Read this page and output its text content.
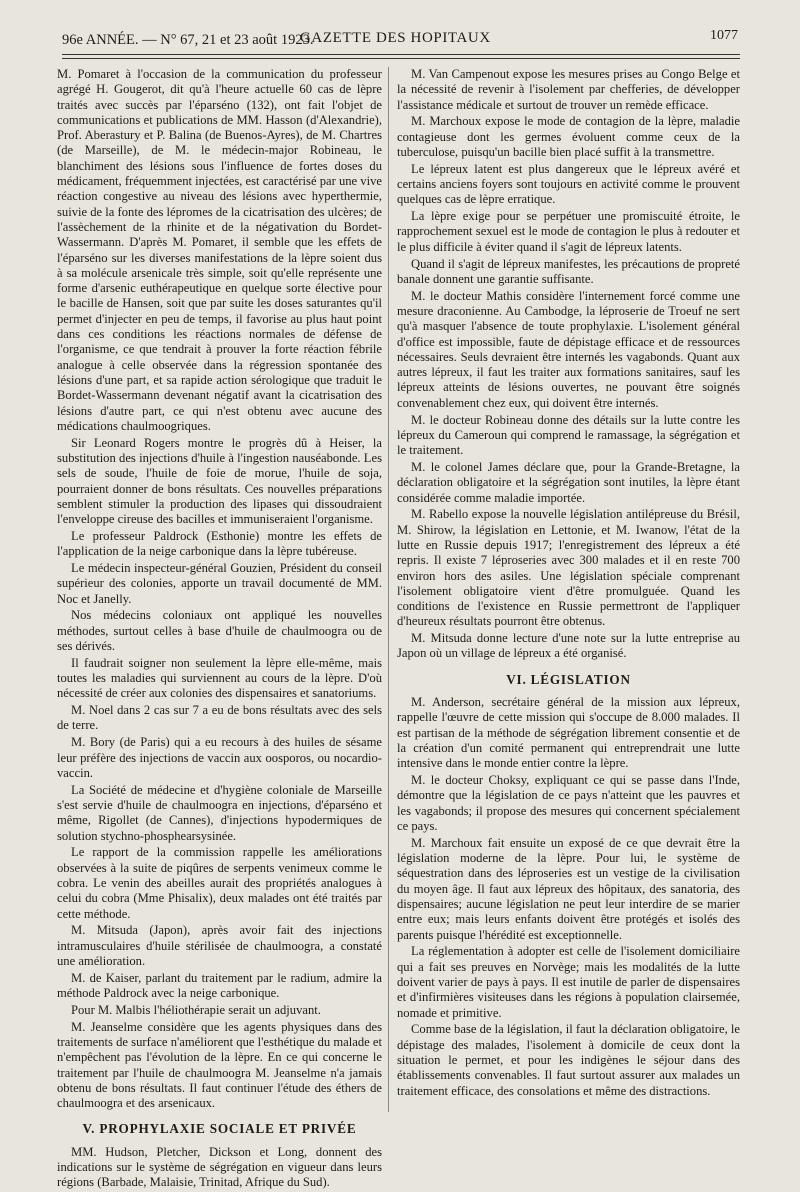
96e ANNÉE. — N° 67, 21 et 23 août 1923.
GAZETTE DES HOPITAUX	1077

M. Pomaret à l'occasion de la communication du professeur agrégé H. Gougerot, dit qu'à l'heure actuelle 60 cas de lèpre traités avec succès par l'éparséno (132), ont fait l'objet de communications et publications de MM. Hasson (d'Alexandrie), Prof. Aberastury et P. Balina (de Buenos-Ayres), de M. Chartres (de Marseille), de M. le médecin-major Robineau, le blanchiment des lésions sous l'influence de fortes doses du médicament, fréquemment injectées, est caractérisé par une vive réaction congestive au niveau des lésions avec hyperthermie, suivie de la fonte des lépromes de la cicatrisation des ulcères; de l'assèchement de la rhinite et de la négativation du Bordet-Wassermann. D'après M. Pomaret, il semble que les effets de l'éparséno sur les diverses manifestations de la lèpre soient dus à sa molécule arsenicale très simple, soit qu'elle représente une forme d'arsenic euthérapeutique en quelque sorte élective pour le bacille de Hansen, soit que par suite les doses saturantes qu'il permet d'injecter en peu de temps, il favorise au plus haut point dans ces conditions les réactions normales de défense de l'organisme, ce que tendrait à prouver la forte réaction fébrile analogue à celle observée dans la régression spontanée des lésions d'une part, et sa rapide action sérologique que traduit le Bordet-Wassermann devenant négatif avant la cicatrisation des lésions d'autre part, ce qui n'est obtenu avec aucune des médications chaulmoogriques.

Sir Leonard Rogers montre le progrès dû à Heiser, la substitution des injections d'huile à l'ingestion nauséabonde. Les sels de soude, l'huile de foie de morue, l'huile de soja, pourraient donner de bons résultats. Ces nouvelles préparations semblent stimuler la production des lipases qui dissoudraient l'enveloppe cireuse des bacilles et immuniseraient l'organisme.

Le professeur Paldrock (Esthonie) montre les effets de l'application de la neige carbonique dans la lèpre tubéreuse.

Le médecin inspecteur-général Gouzien, Président du conseil supérieur des colonies, apporte un travail documenté de MM. Noc et Janelly.

Nos médecins coloniaux ont appliqué les nouvelles méthodes, surtout celles à base d'huile de chaulmoogra ou de ses dérivés.

Il faudrait soigner non seulement la lèpre elle-même, mais toutes les maladies qui surviennent au cours de la lèpre. D'où nécessité de créer aux colonies des dispensaires et sanatoriums.

M. Noel dans 2 cas sur 7 a eu de bons résultats avec des sels de terre.

M. Bory (de Paris) qui a eu recours à des huiles de sésame leur préfère des injections de vaccin aux oosporos, ou nocardio-vaccin.

La Société de médecine et d'hygiène coloniale de Marseille s'est servie d'huile de chaulmoogra en injections, d'éparséno et même, Rigollet (de Cannes), d'injections hypodermiques de solution stychno-phosphearsysinée.

Le rapport de la commission rappelle les améliorations observées à la suite de piqûres de serpents venimeux comme le cobra. Le venin des abeilles aurait des propriétés analogues à celui du cobra (Mme Phisalix), deux malades ont été traités par cette méthode.

M. Mitsuda (Japon), après avoir fait des injections intramusculaires d'huile stérilisée de chaulmoogra, a constaté une amélioration.

M. de Kaiser, parlant du traitement par le radium, admire la méthode Paldrock avec la neige carbonique.

Pour M. Malbis l'héliothérapie serait un adjuvant.

M. Jeanselme considère que les agents physiques dans des traitements de surface n'améliorent que l'esthétique du malade et n'empêchent pas l'évolution de la lèpre. En ce qui concerne le traitement par l'huile de chaulmoogra M. Jeanselme n'a jamais obtenu de bons résultats. Il faut continuer l'étude des éthers de chaulmoogra et des arsenicaux.

V. PROPHYLAXIE SOCIALE ET PRIVÉE

MM. Hudson, Pletcher, Dickson et Long, donnent des indications sur le système de ségrégation en vigueur dans leurs régions (Barbade, Malaisie, Trinitad, Afrique du Sud).

M. Van Campenout expose les mesures prises au Congo Belge et la nécessité de revenir à l'isolement par chefferies, de développer l'assistance médicale et surtout de trouver un remède efficace.

M. Marchoux expose le mode de contagion de la lèpre, maladie contagieuse dont les germes évoluent comme ceux de la tuberculose, puisqu'un bacille bien placé suffit à la transmettre.

Le lépreux latent est plus dangereux que le lépreux avéré et certains anciens foyers sont toujours en activité comme le prouvent quelques cas de lèpre erratique.

La lèpre exige pour se perpétuer une promiscuité étroite, le rapprochement sexuel est le mode de contagion le plus à redouter et le plus difficile à éviter quand il s'agit de lépreux latents.

Quand il s'agit de lépreux manifestes, les précautions de propreté banale donnent une garantie suffisante.

M. le docteur Mathis considère l'internement forcé comme une mesure draconienne. Au Cambodge, la léproserie de Troeuf ne sert qu'à masquer l'absence de toute prophylaxie. L'isolement général d'office est impossible, faute de dépistage efficace et de ressources nécessaires. Seuls devraient être internés les vagabonds. Quant aux autres lépreux, il faut les traiter aux formations sanitaires, sauf les lépreux atteints de lésions ouvertes, ne pouvant être soignés convenablement chez eux, qui doivent être internés.

M. le docteur Robineau donne des détails sur la lutte contre les lépreux du Cameroun qui comprend le ramassage, la ségrégation et le traitement.

M. le colonel James déclare que, pour la Grande-Bretagne, la déclaration obligatoire et la ségrégation sont inutiles, la lèpre étant considérée comme maladie importée.

M. Rabello expose la nouvelle législation antilépreuse du Brésil, M. Shirow, la législation en Lettonie, et M. Iwanow, l'état de la lutte en Russie depuis 1917; l'enregistrement des lépreux a été repris. Il existe 7 léproseries avec 300 malades et il en reste 700 environ hors des asiles. Une législation spéciale comprenant l'isolement obligatoire vient d'être promulguée. Quand les conditions de l'existence en Russie permettront de l'appliquer d'heureux résultats pourront être obtenus.

M. Mitsuda donne lecture d'une note sur la lutte entreprise au Japon où un village de lépreux a été organisé.

VI. LÉGISLATION

M. Anderson, secrétaire général de la mission aux lépreux, rappelle l'œuvre de cette mission qui s'occupe de 8.000 malades. Il est partisan de la méthode de ségrégation librement consentie et de la création d'un comité permanent qui entreprendrait une lutte intensive dans le monde entier contre la lèpre.

M. le docteur Choksy, expliquant ce qui se passe dans l'Inde, démontre que la législation de ce pays n'atteint que les pauvres et les vagabonds; il propose des mesures qui concernent spécialement ce pays.

M. Marchoux fait ensuite un exposé de ce que devrait être la législation moderne de la lèpre. Pour lui, le système de séquestration dans des léproseries est un vestige de la civilisation du moyen âge. Il faut aux lépreux des hôpitaux, des sanatoria, des dispensaires; aucune législation ne peut leur interdire de se marier entre eux; mais leurs enfants doivent être protégés et isolés des parents puisque l'hérédité est exceptionnelle.

La réglementation à adopter est celle de l'isolement domiciliaire qui a fait ses preuves en Norvège; mais les modalités de la lutte doivent varier de pays à pays. Il est inutile de parler de dispensaires et d'infirmières visiteuses dans les régions à population clairsemée, nomade et primitive.

Comme base de la législation, il faut la déclaration obligatoire, le dépistage des malades, l'isolement à domicile de ceux dont la situation le permet, et pour les indigènes le séjour dans des établissements convenables. Il faut surtout assurer aux malades un traitement efficace, des consolations et même des distractions.
